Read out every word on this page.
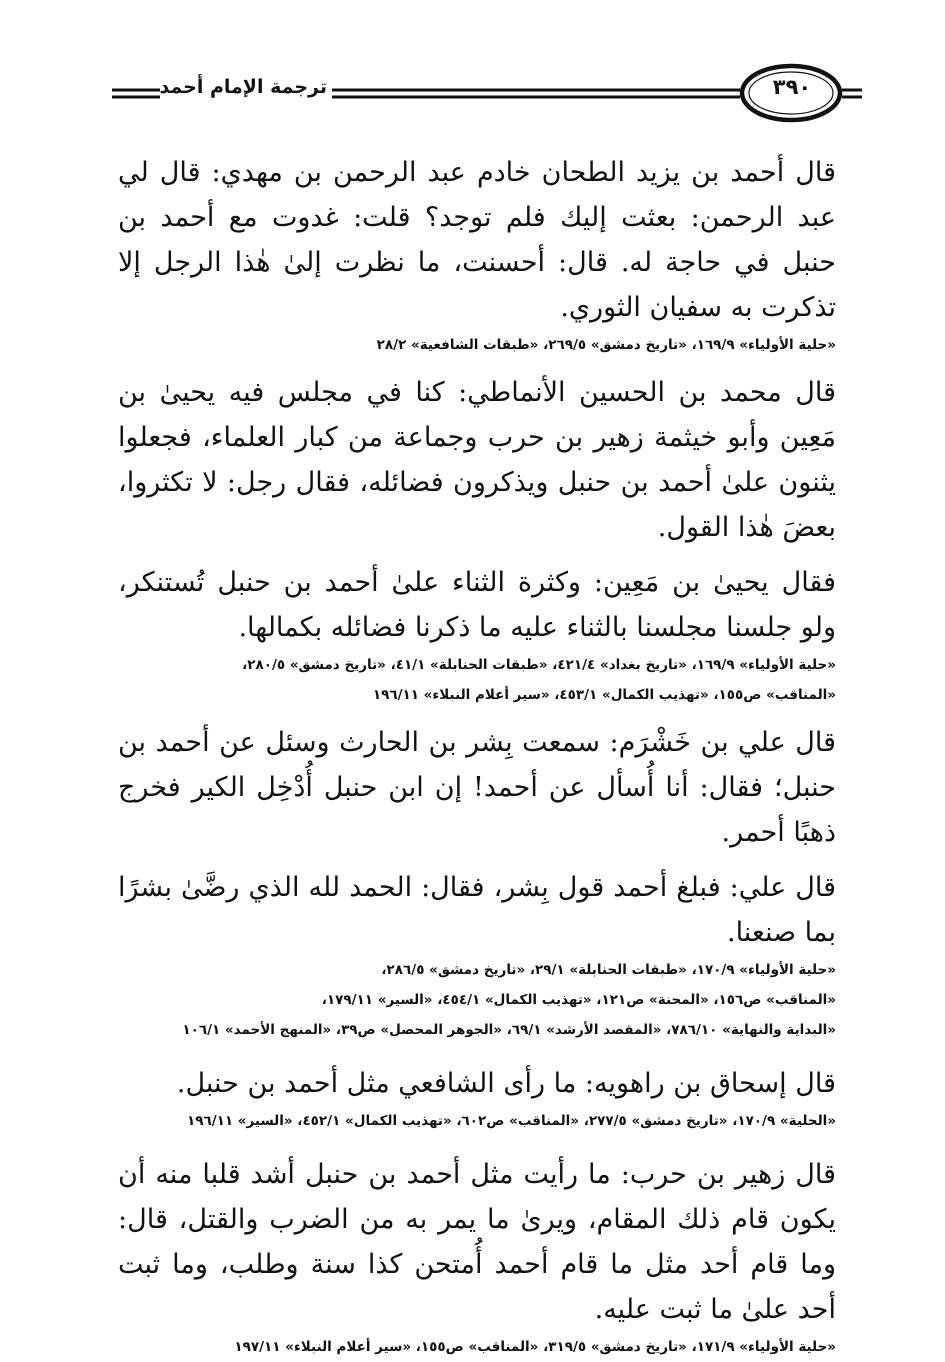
ترجمة الإمام أحمد	٣٩٠

قال أحمد بن يزيد الطحان خادم عبد الرحمن بن مهدي: قال لي عبد الرحمن: بعثت إليك فلم توجد؟ قلت: غدوت مع أحمد بن حنبل في حاجة له. قال: أحسنت، ما نظرت إلىٰ هٰذا الرجل إلا تذكرت به سفيان الثوري.

«حلية الأولياء» ١٦٩/٩، «تاريخ دمشق» ٢٦٩/٥، «طبقات الشافعية» ٢٨/٢

قال محمد بن الحسين الأنماطي: كنا في مجلس فيه يحيىٰ بن مَعِين وأبو خيثمة زهير بن حرب وجماعة من كبار العلماء، فجعلوا يثنون علىٰ أحمد بن حنبل ويذكرون فضائله، فقال رجل: لا تكثروا، بعضَ هٰذا القول.

فقال يحيىٰ بن مَعِين: وكثرة الثناء علىٰ أحمد بن حنبل تُستنكر، ولو جلسنا مجلسنا بالثناء عليه ما ذكرنا فضائله بكمالها.

«حلية الأولياء» ١٦٩/٩، «تاريخ بغداد» ٤٢١/٤، «طبقات الحنابلة» ٤١/١، «تاريخ دمشق» ٢٨٠/٥،

«المناقب» ص١٥٥، «تهذيب الكمال» ٤٥٣/١، «سير أعلام النبلاء» ١٩٦/١١

قال علي بن خَشْرَم: سمعت بِشر بن الحارث وسئل عن أحمد بن حنبل؛ فقال: أنا أُسأل عن أحمد! إن ابن حنبل أُدْخِل الكير فخرج ذهبًا أحمر.

قال علي: فبلغ أحمد قول بِشر، فقال: الحمد لله الذي رضَّىٰ بشرًا بما صنعنا.

«حلية الأولياء» ١٧٠/٩، «طبقات الحنابلة» ٢٩/١، «تاريخ دمشق» ٢٨٦/٥،

«المناقب» ص١٥٦، «المحنة» ص١٢١، «تهذيب الكمال» ٤٥٤/١، «السير» ١٧٩/١١،

«البداية والنهاية» ٧٨٦/١٠، «المقصد الأرشد» ٦٩/١، «الجوهر المحصل» ص٣٩، «المنهج الأحمد» ١٠٦/١

قال إسحاق بن راهويه: ما رأى الشافعي مثل أحمد بن حنبل.

«الحلية» ١٧٠/٩، «تاريخ دمشق» ٢٧٧/٥، «المناقب» ص٦٠٢، «تهذيب الكمال» ٤٥٢/١، «السير» ١٩٦/١١

قال زهير بن حرب: ما رأيت مثل أحمد بن حنبل أشد قلبا منه أن يكون قام ذلك المقام، ويرىٰ ما يمر به من الضرب والقتل، قال: وما قام أحد مثل ما قام أحمد أُمتحن كذا سنة وطلب، وما ثبت أحد علىٰ ما ثبت عليه.

«حلية الأولياء» ١٧١/٩، «تاريخ دمشق» ٣١٩/٥، «المناقب» ص١٥٥، «سير أعلام النبلاء» ١٩٧/١١
